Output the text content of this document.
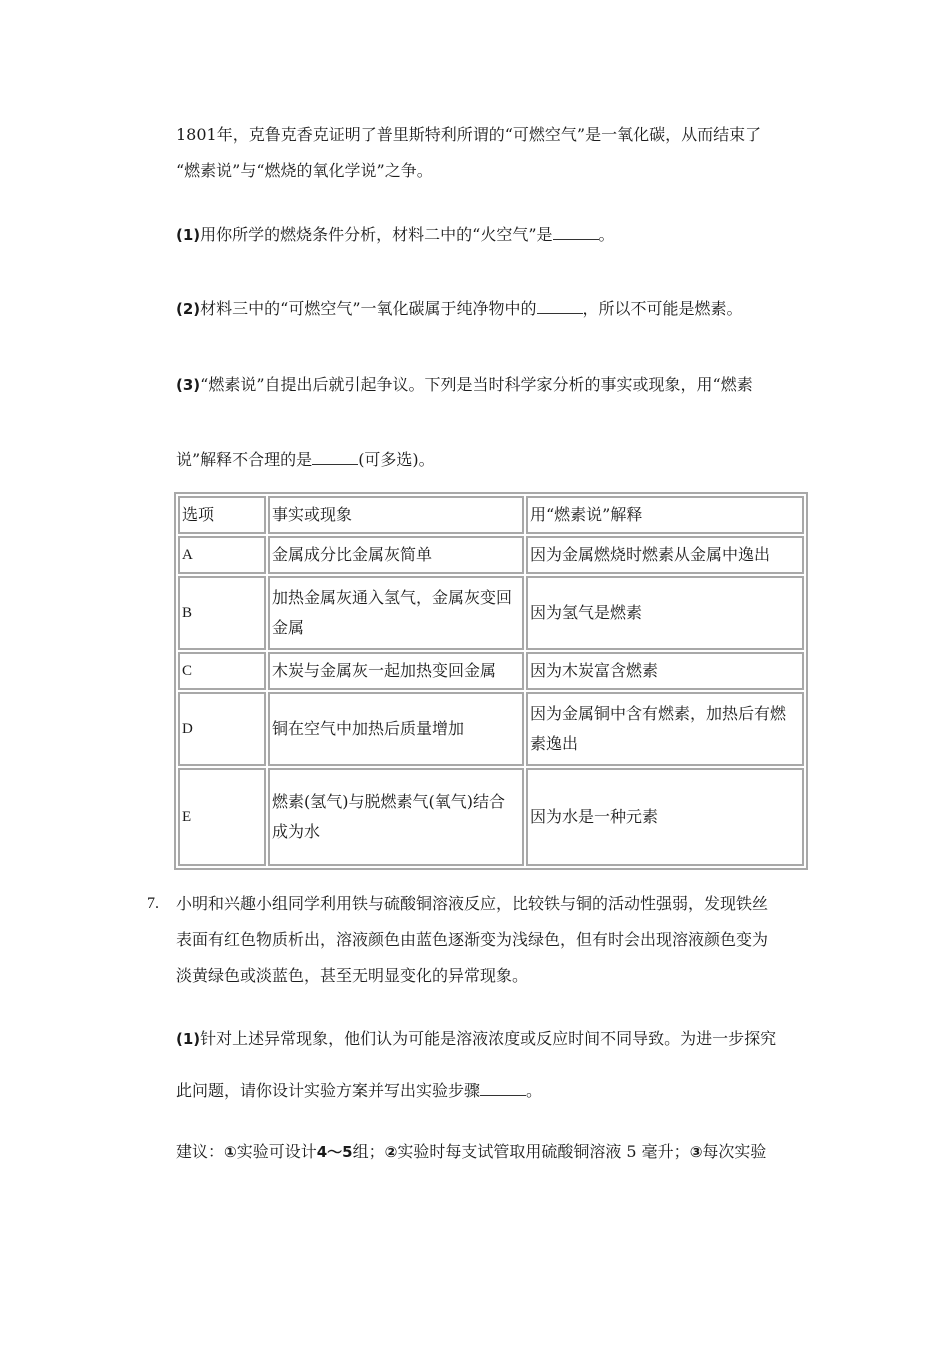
1801年，克鲁克香克证明了普里斯特利所谓的“可燃空气”是一氧化碳，从而结束了
“燃素说”与“燃烧的氧化学说”之争。
(1)用你所学的燃烧条件分析，材料二中的“火空气”是	。
(2)材料三中的“可燃空气”一氧化碳属于纯净物中的	，所以不可能是燃素。
(3)“燃素说”自提出后就引起争议。下列是当时科学家分析的事实或现象，用“燃素
说”解释不合理的是	(可多选)。
选项	事实或现象	用“燃素说”解释
A	金属成分比金属灰简单	因为金属燃烧时燃素从金属中逸出
B	加热金属灰通入氢气，金属灰变回金属	因为氢气是燃素
C	木炭与金属灰一起加热变回金属	因为木炭富含燃素
D	铜在空气中加热后质量增加	因为金属铜中含有燃素，加热后有燃素逸出
E	燃素(氢气)与脱燃素气(氧气)结合成为水	因为水是一种元素
7. 小明和兴趣小组同学利用铁与硫酸铜溶液反应，比较铁与铜的活动性强弱，发现铁丝
表面有红色物质析出，溶液颜色由蓝色逐渐变为浅绿色，但有时会出现溶液颜色变为
淡黄绿色或淡蓝色，甚至无明显变化的异常现象。
(1)针对上述异常现象，他们认为可能是溶液浓度或反应时间不同导致。为进一步探究
此问题，请你设计实验方案并写出实验步骤	。
建议：①实验可设计4～5组；②实验时每支试管取用硫酸铜溶液 5 毫升；③每次实验
